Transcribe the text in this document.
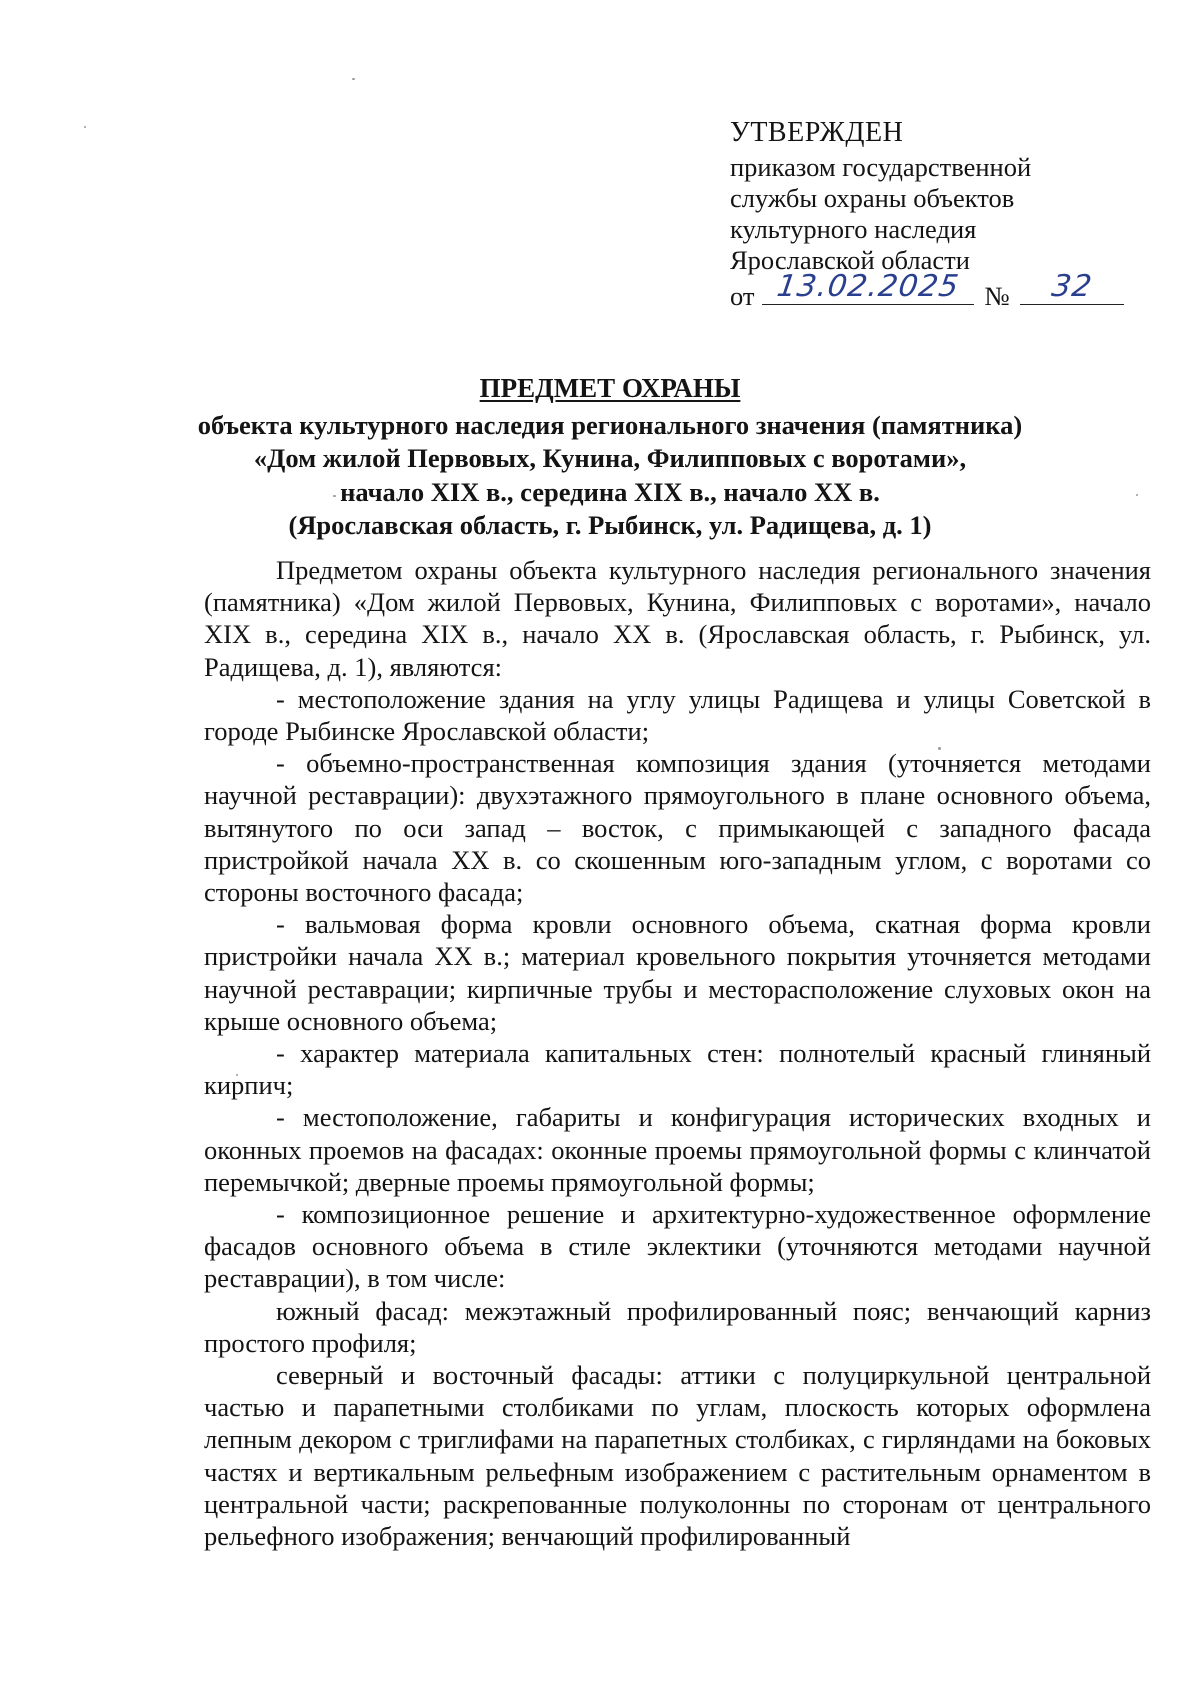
УТВЕРЖДЕН
приказом государственной
службы охраны объектов
культурного наследия
Ярославской области
от 13.02.2025 №	32
ПРЕДМЕТ ОХРАНЫ
объекта культурного наследия регионального значения (памятника)
«Дом жилой Первовых, Кунина, Филипповых с воротами»,
начало XIX в., середина XIX в., начало XX в.
(Ярославская область, г. Рыбинск, ул. Радищева, д. 1)

Предметом охраны объекта культурного наследия регионального значения (памятника) «Дом жилой Первовых, Кунина, Филипповых с воротами», начало XIX в., середина XIX в., начало XX в. (Ярославская область, г. Рыбинск, ул. Радищева, д. 1), являются:

- местоположение здания на углу улицы Радищева и улицы Советской в городе Рыбинске Ярославской области;

- объемно-пространственная композиция здания (уточняется методами научной реставрации): двухэтажного прямоугольного в плане основного объема, вытянутого по оси запад – восток, с примыкающей с западного фасада пристройкой начала XX в. со скошенным юго-западным углом, с воротами со стороны восточного фасада;

- вальмовая форма кровли основного объема, скатная форма кровли пристройки начала XX в.; материал кровельного покрытия уточняется методами научной реставрации; кирпичные трубы и месторасположение слуховых окон на крыше основного объема;

- характер материала капитальных стен: полнотелый красный глиняный кирпич;

- местоположение, габариты и конфигурация исторических входных и оконных проемов на фасадах: оконные проемы прямоугольной формы с клинчатой перемычкой; дверные проемы прямоугольной формы;

- композиционное решение и архитектурно-художественное оформление фасадов основного объема в стиле эклектики (уточняются методами научной реставрации), в том числе:

южный фасад: межэтажный профилированный пояс; венчающий карниз простого профиля;

северный и восточный фасады: аттики с полуциркульной центральной частью и парапетными столбиками по углам, плоскость которых оформлена лепным декором с триглифами на парапетных столбиках, с гирляндами на боковых частях и вертикальным рельефным изображением с растительным орнаментом в центральной части; раскрепованные полуколонны по сторонам от центрального рельефного изображения; венчающий профилированный
